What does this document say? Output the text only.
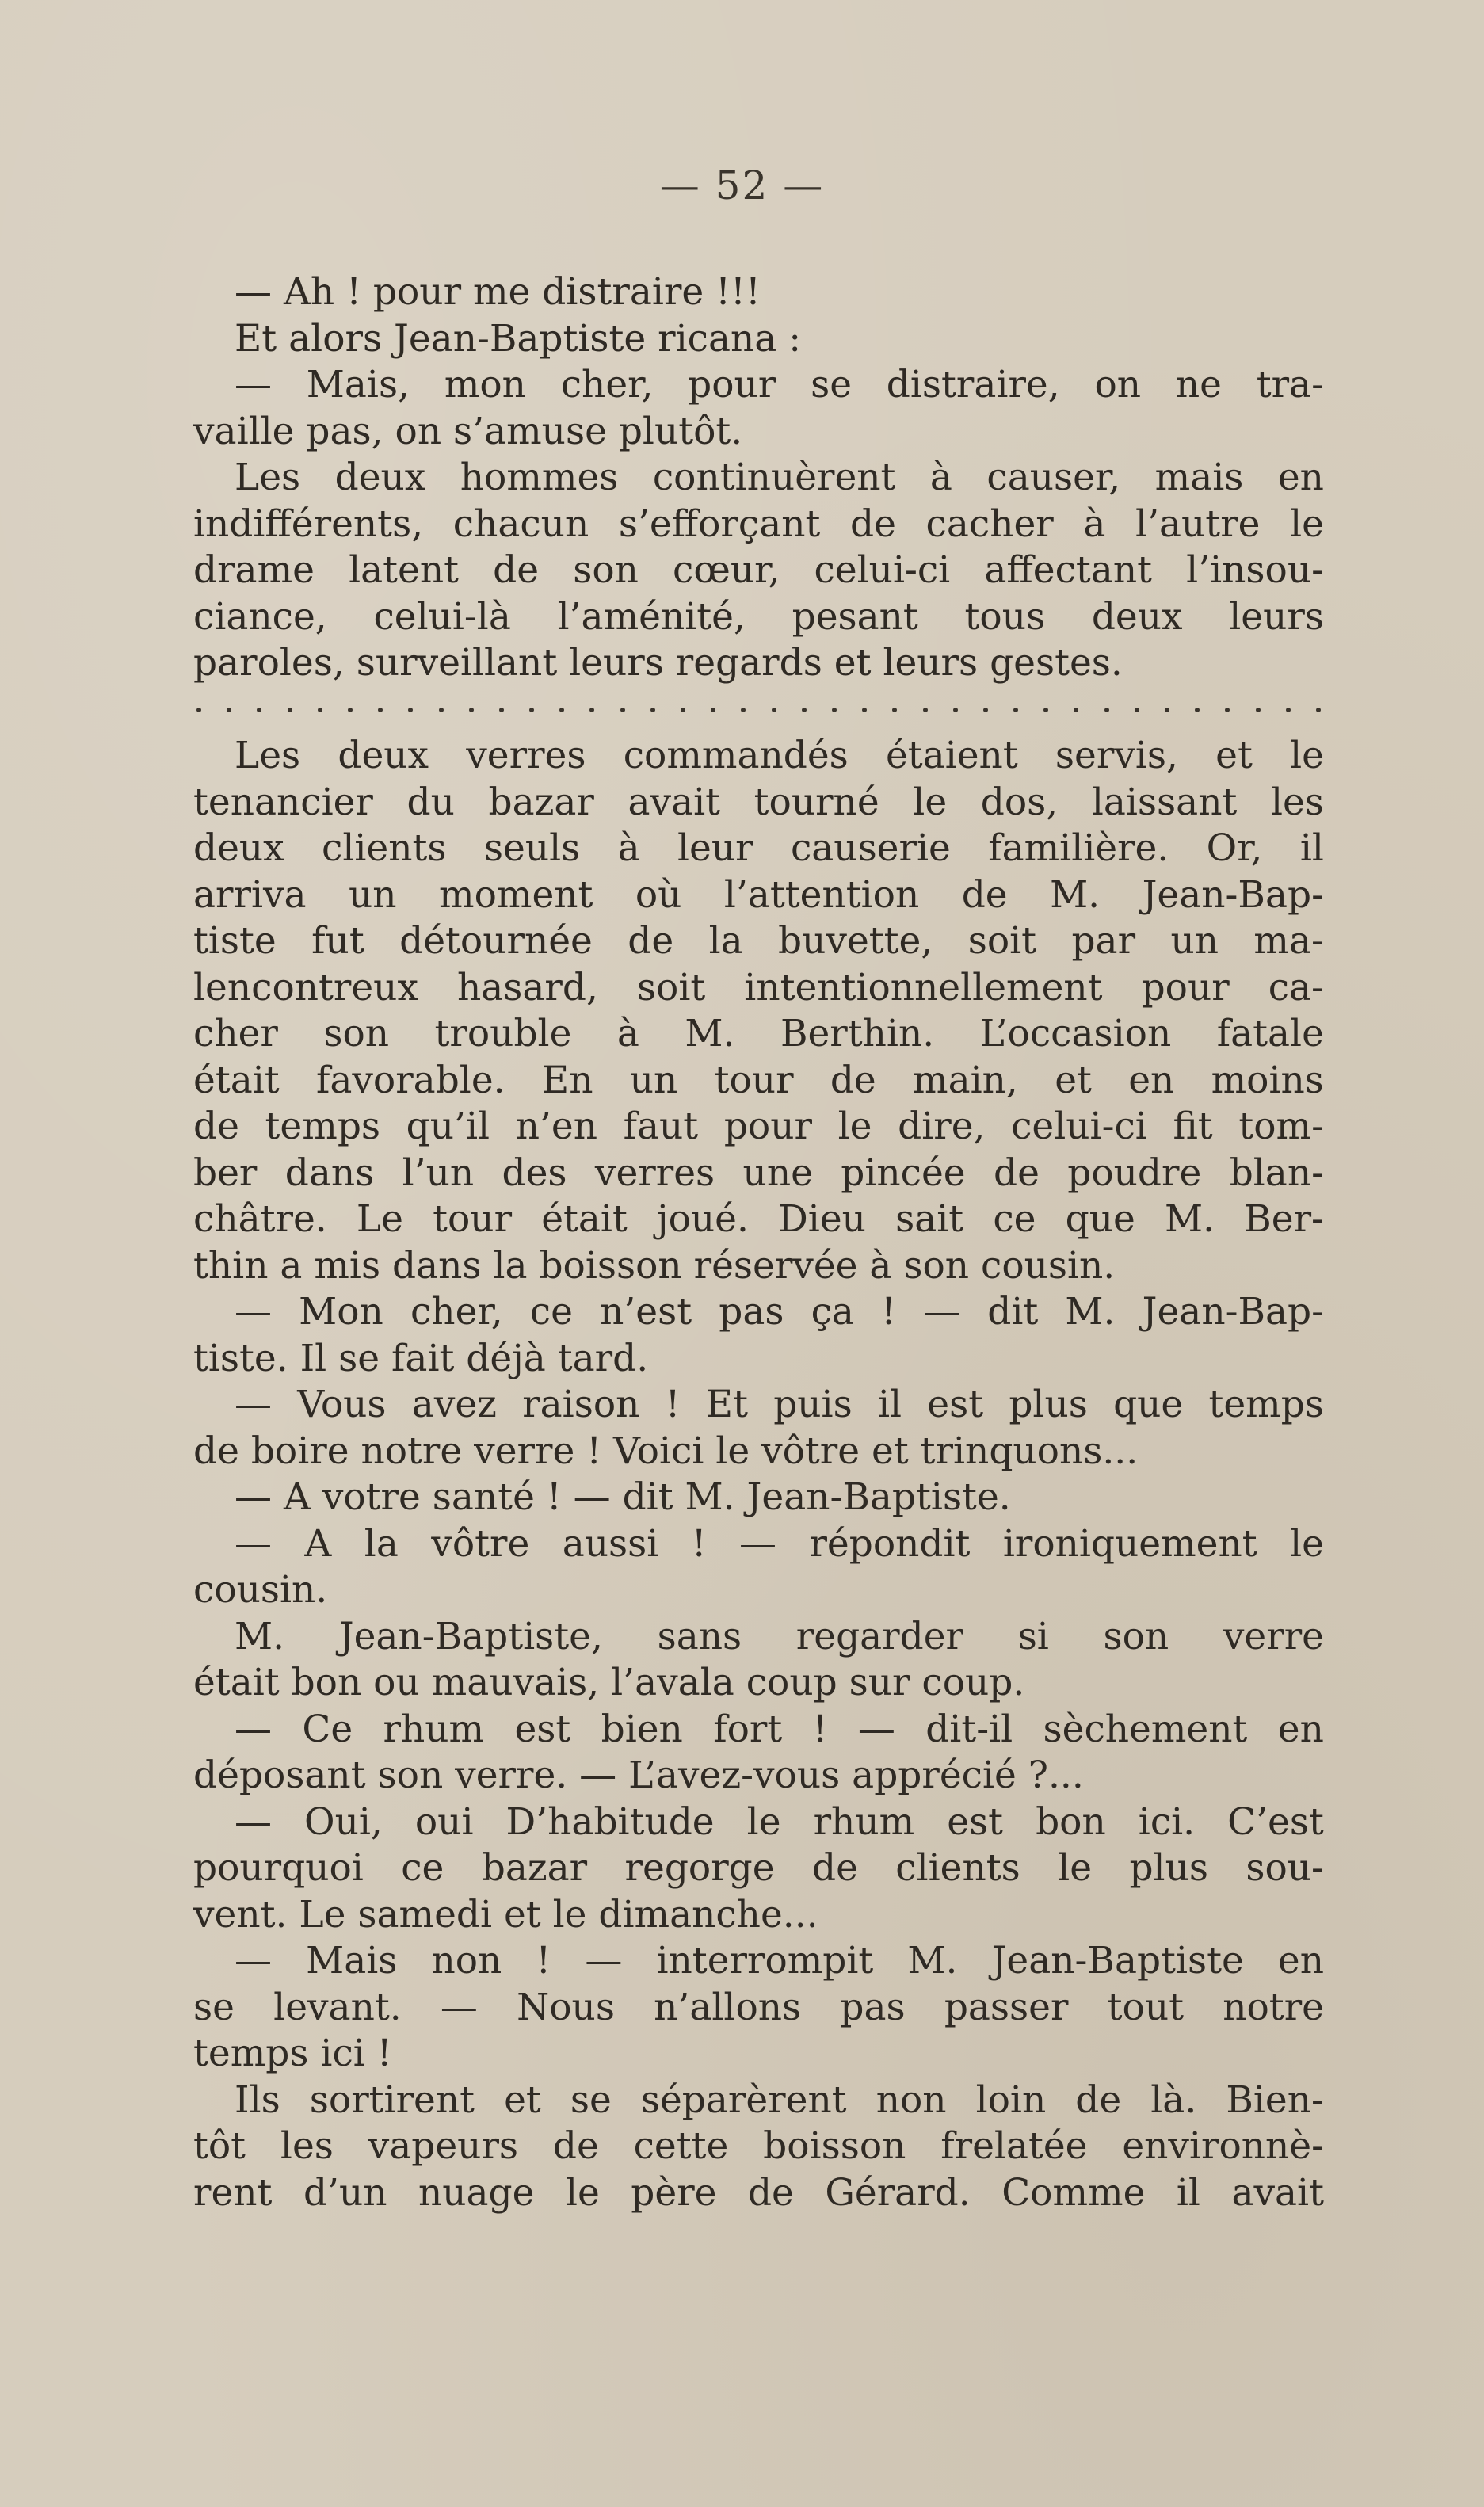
— 52 —
— Ah ! pour me distraire !!!
Et alors Jean-Baptiste ricana :
— Mais, mon cher, pour se distraire, on ne tra-
vaille pas, on s’amuse plutôt.
Les deux hommes continuèrent à causer, mais en
indifférents, chacun s’efforçant de cacher à l’autre le
drame latent de son cœur, celui-ci affectant l’insou-
ciance, celui-là l’aménité, pesant tous deux leurs
paroles, surveillant leurs regards et leurs gestes.
Les deux verres commandés étaient servis, et le
tenancier du bazar avait tourné le dos, laissant les
deux clients seuls à leur causerie familière. Or, il
arriva un moment où l’attention de M. Jean-Bap-
tiste fut détournée de la buvette, soit par un ma-
lencontreux hasard, soit intentionnellement pour ca-
cher son trouble à M. Berthin. L’occasion fatale
était favorable. En un tour de main, et en moins
de temps qu’il n’en faut pour le dire, celui-ci fit tom-
ber dans l’un des verres une pincée de poudre blan-
châtre. Le tour était joué. Dieu sait ce que M. Ber-
thin a mis dans la boisson réservée à son cousin.
— Mon cher, ce n’est pas ça ! — dit M. Jean-Bap-
tiste. Il se fait déjà tard.
— Vous avez raison ! Et puis il est plus que temps
de boire notre verre ! Voici le vôtre et trinquons...
— A votre santé ! — dit M. Jean-Baptiste.
— A la vôtre aussi ! — répondit ironiquement le
cousin.
M. Jean-Baptiste, sans regarder si son verre
était bon ou mauvais, l’avala coup sur coup.
— Ce rhum est bien fort ! — dit-il sèchement en
déposant son verre. — L’avez-vous apprécié ?...
— Oui, oui D’habitude le rhum est bon ici. C’est
pourquoi ce bazar regorge de clients le plus sou-
vent. Le samedi et le dimanche...
— Mais non ! — interrompit M. Jean-Baptiste en
se levant. — Nous n’allons pas passer tout notre
temps ici !
Ils sortirent et se séparèrent non loin de là. Bien-
tôt les vapeurs de cette boisson frelatée environnè-
rent d’un nuage le père de Gérard. Comme il avait
